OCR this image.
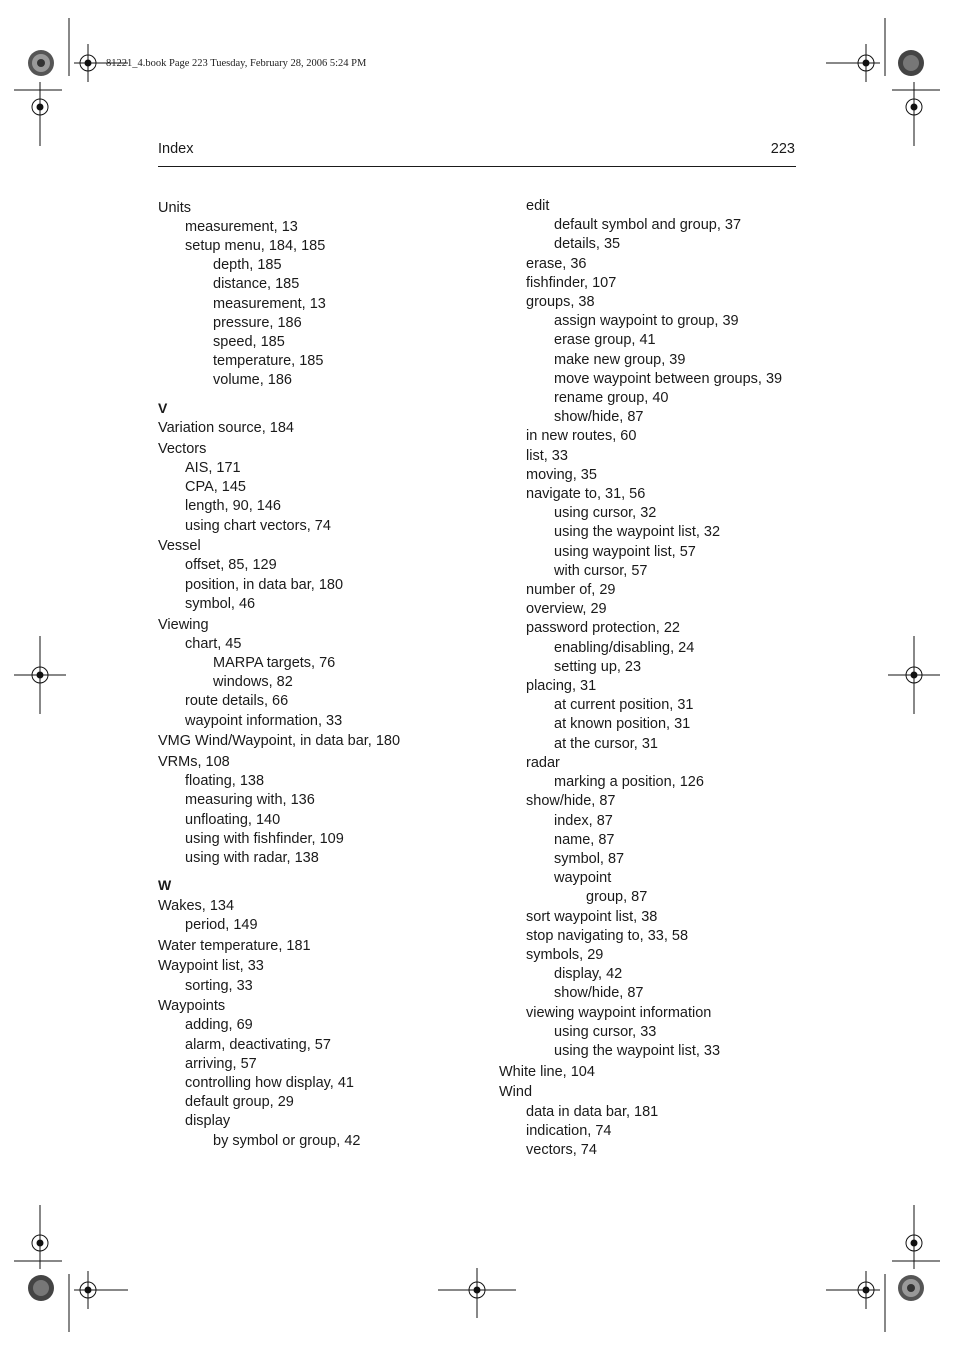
81221_4.book Page 223 Tuesday, February 28, 2006 5:24 PM
Index	223
Units
measurement, 13
setup menu, 184, 185
depth, 185
distance, 185
measurement, 13
pressure, 186
speed, 185
temperature, 185
volume, 186
V
Variation source, 184
Vectors
AIS, 171
CPA, 145
length, 90, 146
using chart vectors, 74
Vessel
offset, 85, 129
position, in data bar, 180
symbol, 46
Viewing
chart, 45
MARPA targets, 76
windows, 82
route details, 66
waypoint information, 33
VMG Wind/Waypoint, in data bar, 180
VRMs, 108
floating, 138
measuring with, 136
unfloating, 140
using with fishfinder, 109
using with radar, 138
W
Wakes, 134
period, 149
Water temperature, 181
Waypoint list, 33
sorting, 33
Waypoints
adding, 69
alarm, deactivating, 57
arriving, 57
controlling how display, 41
default group, 29
display
by symbol or group, 42
edit
default symbol and group, 37
details, 35
erase, 36
fishfinder, 107
groups, 38
assign waypoint to group, 39
erase group, 41
make new group, 39
move waypoint between groups, 39
rename group, 40
show/hide, 87
in new routes, 60
list, 33
moving, 35
navigate to, 31, 56
using cursor, 32
using the waypoint list, 32
using waypoint list, 57
with cursor, 57
number of, 29
overview, 29
password protection, 22
enabling/disabling, 24
setting up, 23
placing, 31
at current position, 31
at known position, 31
at the cursor, 31
radar
marking a position, 126
show/hide, 87
index, 87
name, 87
symbol, 87
waypoint
group, 87
sort waypoint list, 38
stop navigating to, 33, 58
symbols, 29
display, 42
show/hide, 87
viewing waypoint information
using cursor, 33
using the waypoint list, 33
White line, 104
Wind
data in data bar, 181
indication, 74
vectors, 74
